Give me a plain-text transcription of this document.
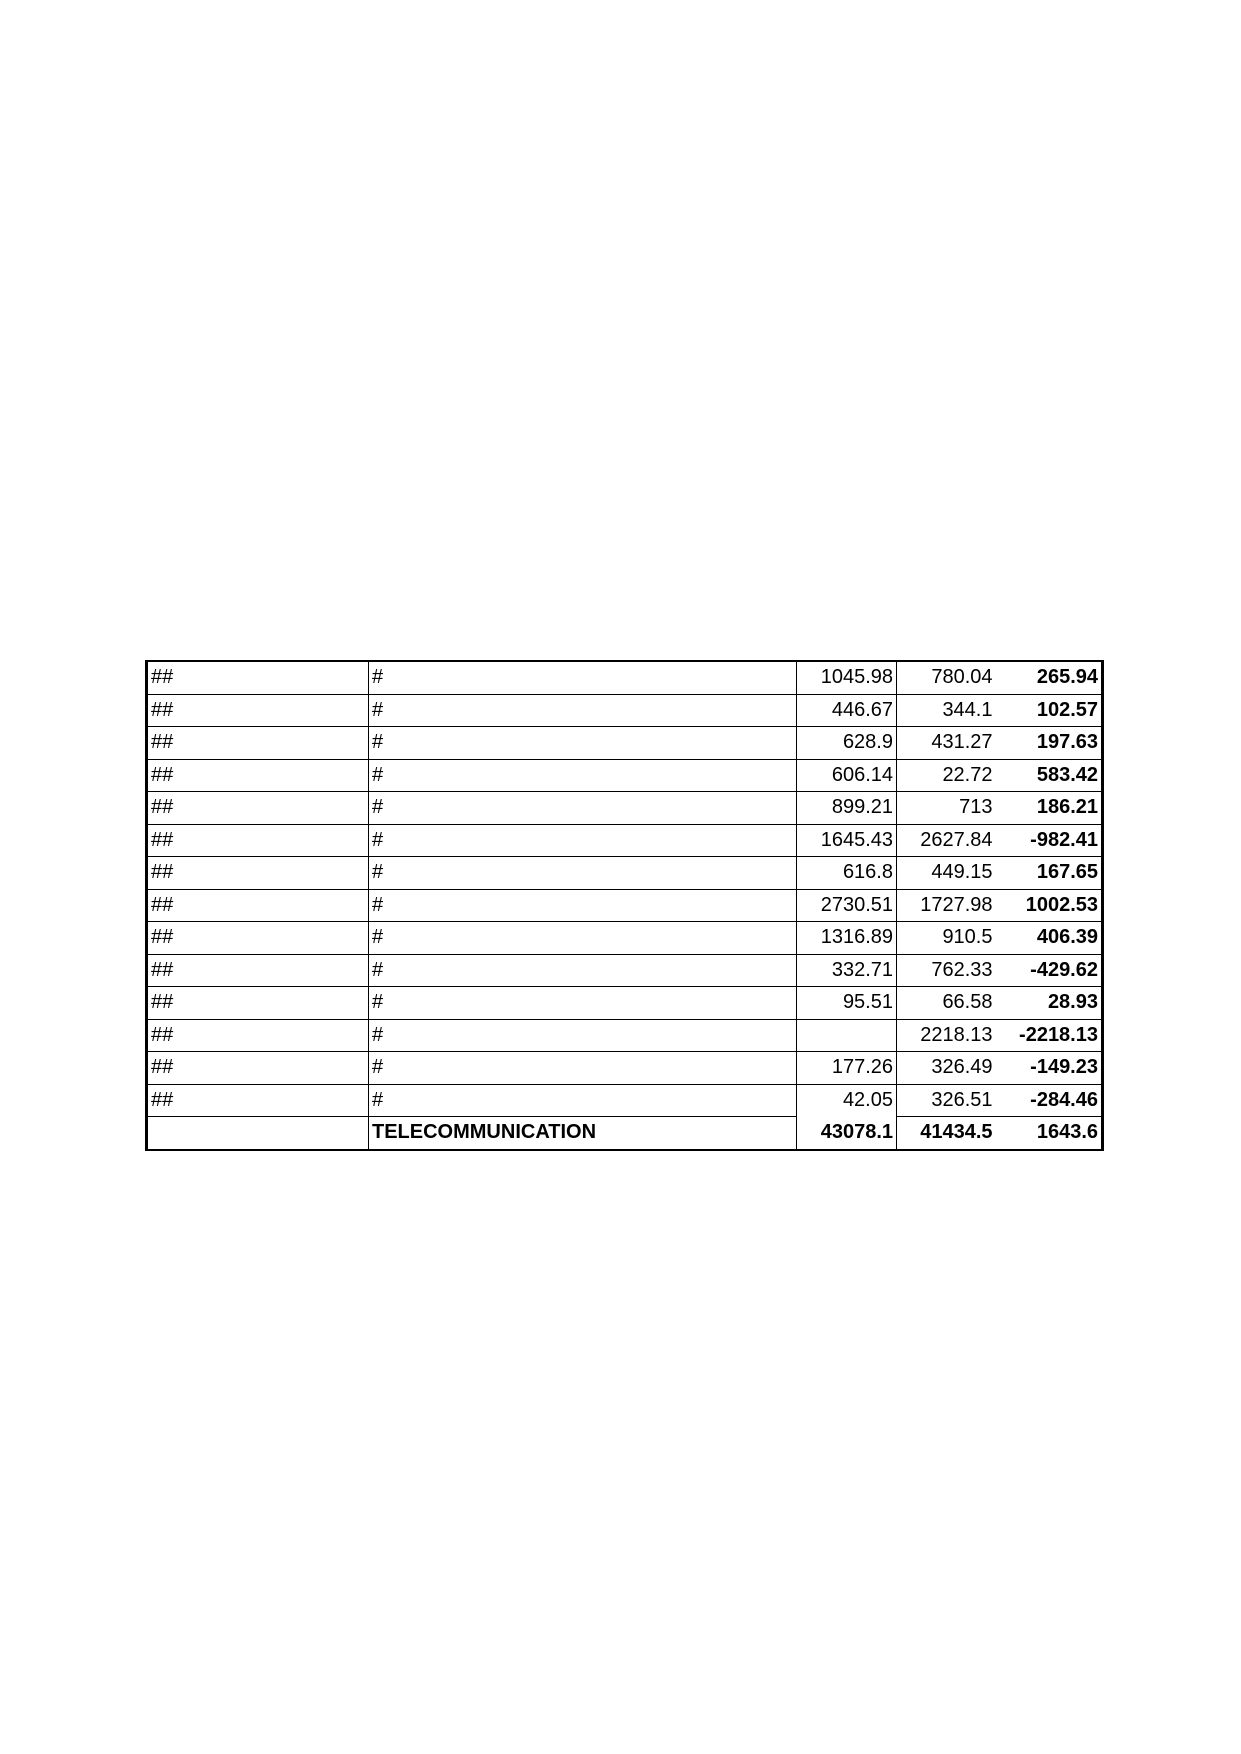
##	#	1045.98	780.04	265.94
##	#	446.67	344.1	102.57
##	#	628.9	431.27	197.63
##	#	606.14	22.72	583.42
##	#	899.21	713	186.21
##	#	1645.43	2627.84	-982.41
##	#	616.8	449.15	167.65
##	#	2730.51	1727.98	1002.53
##	#	1316.89	910.5	406.39
##	#	332.71	762.33	-429.62
##	#	95.51	66.58	28.93
##	#		2218.13	-2218.13
##	#	177.26	326.49	-149.23
##	#	42.05	326.51	-284.46
	TELECOMMUNICATION	43078.1	41434.5	1643.6
